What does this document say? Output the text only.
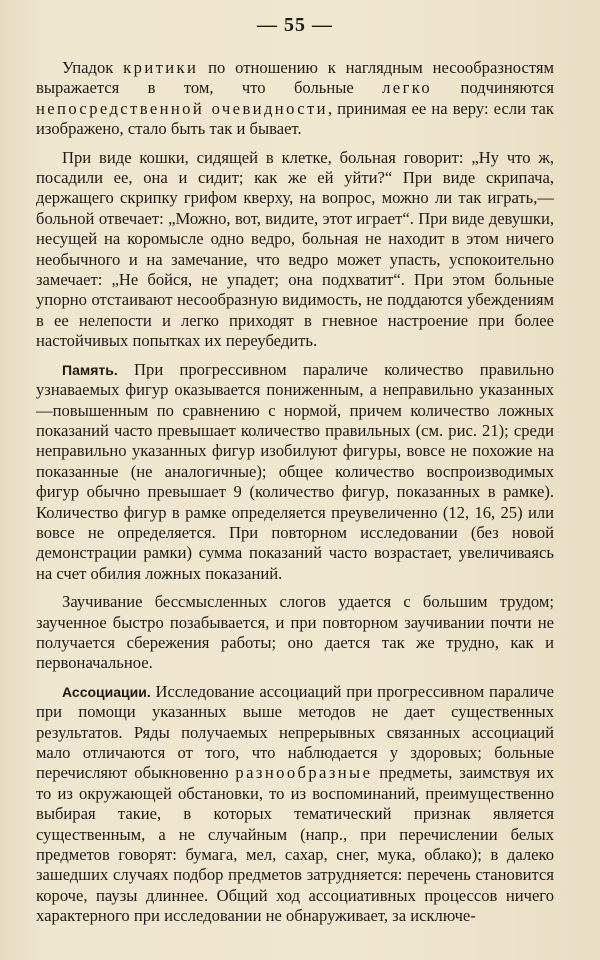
— 55 —

Упадок критики по отношению к наглядным несообразностям выражается в том, что больные легко подчиняются непосредственной очевидности, принимая ее на веру: если так изображено, стало быть так и бывает.

При виде кошки, сидящей в клетке, больная говорит: „Ну что ж, посадили ее, она и сидит; как же ей уйти?“ При виде скрипача, держащего скрипку грифом кверху, на вопрос, можно ли так играть,—больной отвечает: „Можно, вот, видите, этот играет“. При виде девушки, несущей на коромысле одно ведро, больная не находит в этом ничего необычного и на замечание, что ведро может упасть, успокоительно замечает: „Не бойся, не упадет; она подхватит“. При этом больные упорно отстаивают несообразную видимость, не поддаются убеждениям в ее нелепости и легко приходят в гневное настроение при более настойчивых попытках их переубедить.

Память. При прогрессивном параличе количество правильно узнаваемых фигур оказывается пониженным, а неправильно указанных—повышенным по сравнению с нормой, причем количество ложных показаний часто превышает количество правильных (см. рис. 21); среди неправильно указанных фигур изобилуют фигуры, вовсе не похожие на показанные (не аналогичные); общее количество воспроизводимых фигур обычно превышает 9 (количество фигур, показанных в рамке). Количество фигур в рамке определяется преувеличенно (12, 16, 25) или вовсе не определяется. При повторном исследовании (без новой демонстрации рамки) сумма показаний часто возрастает, увеличиваясь на счет обилия ложных показаний.

Заучивание бессмысленных слогов удается с большим трудом; заученное быстро позабывается, и при повторном заучивании почти не получается сбережения работы; оно дается так же трудно, как и первоначальное.

Ассоциации. Исследование ассоциаций при прогрессивном параличе при помощи указанных выше методов не дает существенных результатов. Ряды получаемых непрерывных связанных ассоциаций мало отличаются от того, что наблюдается у здоровых; больные перечисляют обыкновенно разнообразные предметы, заимствуя их то из окружающей обстановки, то из воспоминаний, преимущественно выбирая такие, в которых тематический признак является существенным, а не случайным (напр., при перечислении белых предметов говорят: бумага, мел, сахар, снег, мука, облако); в далеко зашедших случаях подбор предметов затрудняется: перечень становится короче, паузы длиннее. Общий ход ассоциативных процессов ничего характерного при исследовании не обнаруживает, за исключе-
